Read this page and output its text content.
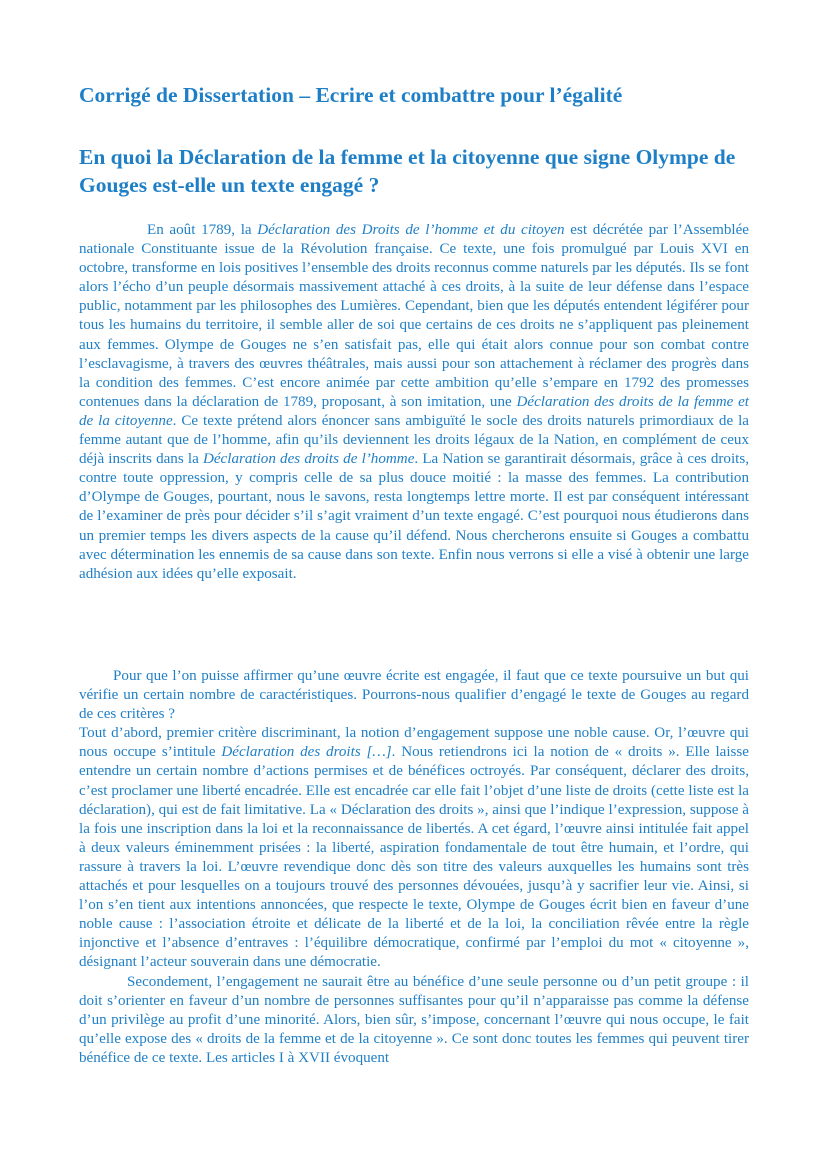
Corrigé de Dissertation – Ecrire et combattre pour l’égalité
En quoi la Déclaration de la femme et la citoyenne que signe Olympe de Gouges est-elle un texte engagé ?

En août 1789, la Déclaration des Droits de l’homme et du citoyen est décrétée par l’Assemblée nationale Constituante issue de la Révolution française. Ce texte, une fois promulgué par Louis XVI en octobre, transforme en lois positives l’ensemble des droits reconnus comme naturels par les députés. Ils se font alors l’écho d’un peuple désormais massivement attaché à ces droits, à la suite de leur défense dans l’espace public, notamment par les philosophes des Lumières. Cependant, bien que les députés entendent légiférer pour tous les humains du territoire, il semble aller de soi que certains de ces droits ne s’appliquent pas pleinement aux femmes. Olympe de Gouges ne s’en satisfait pas, elle qui était alors connue pour son combat contre l’esclavagisme, à travers des œuvres théâtrales, mais aussi pour son attachement à réclamer des progrès dans la condition des femmes. C’est encore animée par cette ambition qu’elle s’empare en 1792 des promesses contenues dans la déclaration de 1789, proposant, à son imitation, une Déclaration des droits de la femme et de la citoyenne. Ce texte prétend alors énoncer sans ambiguïté le socle des droits naturels primordiaux de la femme autant que de l’homme, afin qu’ils deviennent les droits légaux de la Nation, en complément de ceux déjà inscrits dans la Déclaration des droits de l’homme. La Nation se garantirait désormais, grâce à ces droits, contre toute oppression, y compris celle de sa plus douce moitié : la masse des femmes. La contribution d’Olympe de Gouges, pourtant, nous le savons, resta longtemps lettre morte. Il est par conséquent intéressant de l’examiner de près pour décider s’il s’agit vraiment d’un texte engagé. C’est pourquoi nous étudierons dans un premier temps les divers aspects de la cause qu’il défend. Nous chercherons ensuite si Gouges a combattu avec détermination les ennemis de sa cause dans son texte. Enfin nous verrons si elle a visé à obtenir une large adhésion aux idées qu’elle exposait.

Pour que l’on puisse affirmer qu’une œuvre écrite est engagée, il faut que ce texte poursuive un but qui vérifie un certain nombre de caractéristiques. Pourrons-nous qualifier d’engagé le texte de Gouges au regard de ces critères ?

Tout d’abord, premier critère discriminant, la notion d’engagement suppose une noble cause. Or, l’œuvre qui nous occupe s’intitule Déclaration des droits […]. Nous retiendrons ici la notion de « droits ». Elle laisse entendre un certain nombre d’actions permises et de bénéfices octroyés. Par conséquent, déclarer des droits, c’est proclamer une liberté encadrée. Elle est encadrée car elle fait l’objet d’une liste de droits (cette liste est la déclaration), qui est de fait limitative. La « Déclaration des droits », ainsi que l’indique l’expression, suppose à la fois une inscription dans la loi et la reconnaissance de libertés. A cet égard, l’œuvre ainsi intitulée fait appel à deux valeurs éminemment prisées : la liberté, aspiration fondamentale de tout être humain, et l’ordre, qui rassure à travers la loi. L’œuvre revendique donc dès son titre des valeurs auxquelles les humains sont très attachés et pour lesquelles on a toujours trouvé des personnes dévouées, jusqu’à y sacrifier leur vie. Ainsi, si l’on s’en tient aux intentions annoncées, que respecte le texte, Olympe de Gouges écrit bien en faveur d’une noble cause : l’association étroite et délicate de la liberté et de la loi, la conciliation rêvée entre la règle injonctive et l’absence d’entraves : l’équilibre démocratique, confirmé par l’emploi du mot « citoyenne », désignant l’acteur souverain dans une démocratie.

Secondement, l’engagement ne saurait être au bénéfice d’une seule personne ou d’un petit groupe : il doit s’orienter en faveur d’un nombre de personnes suffisantes pour qu’il n’apparaisse pas comme la défense d’un privilège au profit d’une minorité. Alors, bien sûr, s’impose, concernant l’œuvre qui nous occupe, le fait qu’elle expose des « droits de la femme et de la citoyenne ». Ce sont donc toutes les femmes qui peuvent tirer bénéfice de ce texte. Les articles I à XVII évoquent
